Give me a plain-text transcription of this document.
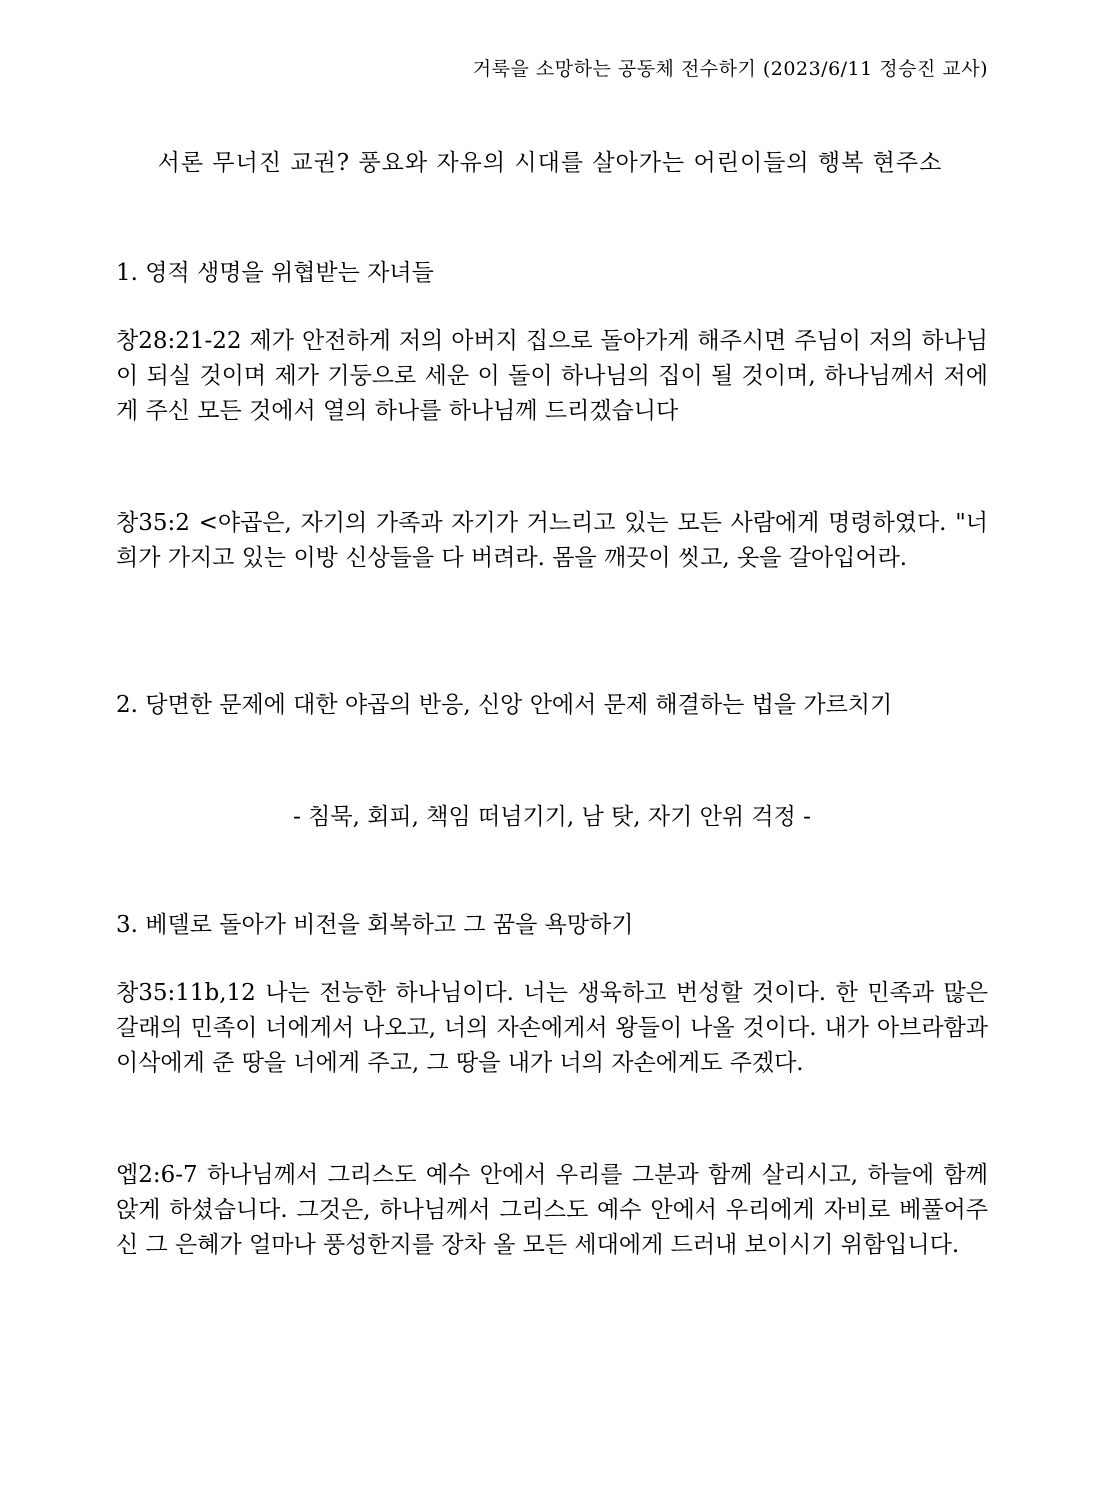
거룩을 소망하는 공동체 전수하기 (2023/6/11 정승진 교사)
서론 무너진 교권? 풍요와 자유의 시대를 살아가는 어린이들의 행복 현주소
1. 영적 생명을 위협받는 자녀들
창28:21-22 제가 안전하게 저의 아버지 집으로 돌아가게 해주시면 주님이 저의 하나님이 되실 것이며 제가 기둥으로 세운 이 돌이 하나님의 집이 될 것이며, 하나님께서 저에게 주신 모든 것에서 열의 하나를 하나님께 드리겠습니다
창35:2 <야곱은, 자기의 가족과 자기가 거느리고 있는 모든 사람에게 명령하였다. "너희가 가지고 있는 이방 신상들을 다 버려라. 몸을 깨끗이 씻고, 옷을 갈아입어라.
2. 당면한 문제에 대한 야곱의 반응, 신앙 안에서 문제 해결하는 법을 가르치기
- 침묵, 회피, 책임 떠넘기기, 남 탓, 자기 안위 걱정 -
3. 베델로 돌아가 비전을 회복하고 그 꿈을 욕망하기
창35:11b,12 나는 전능한 하나님이다. 너는 생육하고 번성할 것이다. 한 민족과 많은 갈래의 민족이 너에게서 나오고, 너의 자손에게서 왕들이 나올 것이다. 내가 아브라함과 이삭에게 준 땅을 너에게 주고, 그 땅을 내가 너의 자손에게도 주겠다.
엡2:6-7 하나님께서 그리스도 예수 안에서 우리를 그분과 함께 살리시고, 하늘에 함께 앉게 하셨습니다. 그것은, 하나님께서 그리스도 예수 안에서 우리에게 자비로 베풀어주신 그 은혜가 얼마나 풍성한지를 장차 올 모든 세대에게 드러내 보이시기 위함입니다.
